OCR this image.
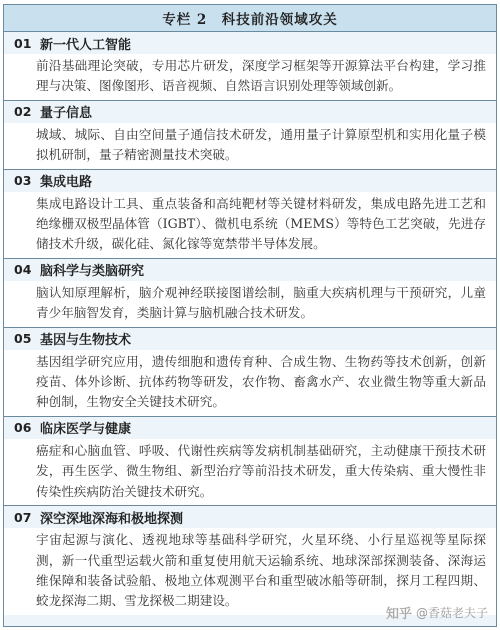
专栏 2　科技前沿领域攻关
01 新一代人工智能
前沿基础理论突破，专用芯片研发，深度学习框架等开源算法平台构建，学习推理与决策、图像图形、语音视频、自然语言识别处理等领域创新。
02 量子信息
城域、城际、自由空间量子通信技术研发，通用量子计算原型机和实用化量子模拟机研制，量子精密测量技术突破。
03 集成电路
集成电路设计工具、重点装备和高纯靶材等关键材料研发，集成电路先进工艺和绝缘栅双极型晶体管（IGBT）、微机电系统（MEMS）等特色工艺突破，先进存储技术升级，碳化硅、氮化镓等宽禁带半导体发展。
04 脑科学与类脑研究
脑认知原理解析，脑介观神经联接图谱绘制，脑重大疾病机理与干预研究，儿童青少年脑智发育，类脑计算与脑机融合技术研发。
05 基因与生物技术
基因组学研究应用，遗传细胞和遗传育种、合成生物、生物药等技术创新，创新疫苗、体外诊断、抗体药物等研发，农作物、畜禽水产、农业微生物等重大新品种创制，生物安全关键技术研究。
06 临床医学与健康
癌症和心脑血管、呼吸、代谢性疾病等发病机制基础研究，主动健康干预技术研发，再生医学、微生物组、新型治疗等前沿技术研发，重大传染病、重大慢性非传染性疾病防治关键技术研究。
07 深空深地深海和极地探测
宇宙起源与演化、透视地球等基础科学研究，火星环绕、小行星巡视等星际探测，新一代重型运载火箭和重复使用航天运输系统、地球深部探测装备、深海运维保障和装备试验船、极地立体观测平台和重型破冰船等研制，探月工程四期、蛟龙探海二期、雪龙探极二期建设。
知乎 @香菇老夫子
